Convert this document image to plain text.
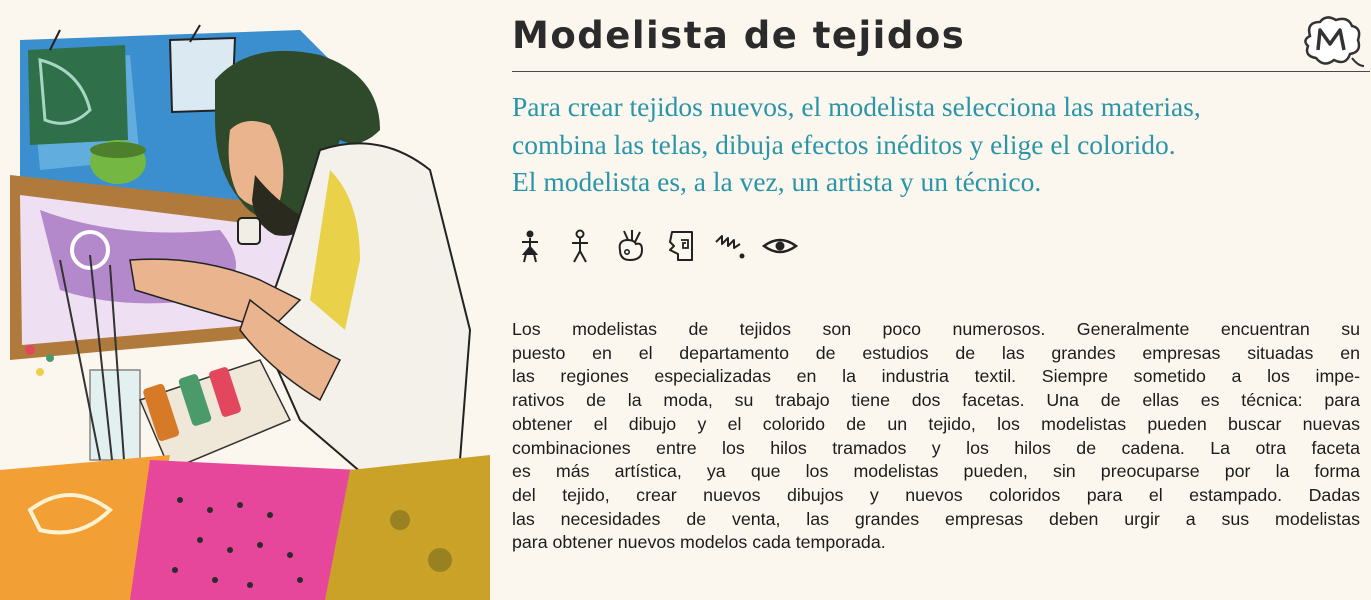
Modelista de tejidos
Para crear tejidos nuevos, el modelista selecciona las materias,
combina las telas, dibuja efectos inéditos y elige el colorido.
El modelista es, a la vez, un artista y un técnico.
Los modelistas de tejidos son poco numerosos. Generalmente encuentran su
puesto en el departamento de estudios de las grandes empresas situadas en
las regiones especializadas en la industria textil. Siempre sometido a los impe-
rativos de la moda, su trabajo tiene dos facetas. Una de ellas es técnica: para
obtener el dibujo y el colorido de un tejido, los modelistas pueden buscar nuevas
combinaciones entre los hilos tramados y los hilos de cadena. La otra faceta
es más artística, ya que los modelistas pueden, sin preocuparse por la forma
del tejido, crear nuevos dibujos y nuevos coloridos para el estampado. Dadas
las necesidades de venta, las grandes empresas deben urgir a sus modelistas
para obtener nuevos modelos cada temporada.
